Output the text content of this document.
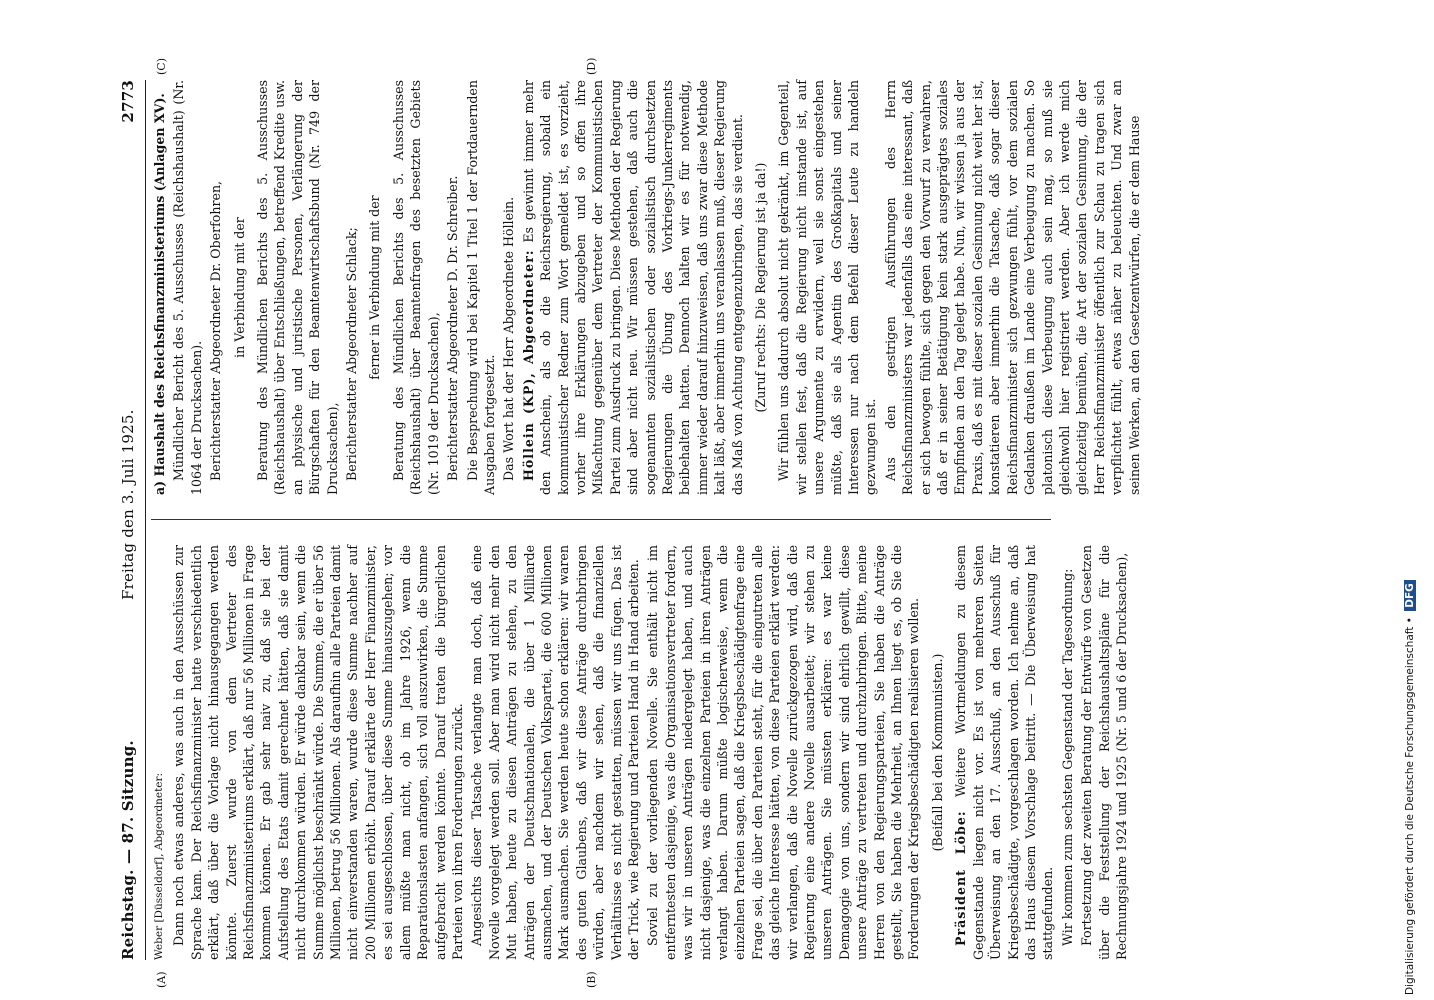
Reichstag. — 87. Sitzung.
Freitag den 3. Juli 1925.
2773
(A)	(B)
(C)	(D)

Weber [Düsseldorf], Abgeordneter: Dann noch etwas anderes, was auch in den Ausschüssen zur Sprache kam. Der Reichsfinanzminister hatte verschiedentlich erklärt, daß über die Vorlage nicht hinausgegangen werden könnte. Zuerst wurde von dem Vertreter des Reichsfinanzministeriums erklärt, daß nur 56 Millionen in Frage kommen können. Er gab sehr naiv zu, daß sie bei der Aufstellung des Etats damit gerechnet hätten, daß sie damit nicht durchkommen würden. Er würde dankbar sein, wenn die Summe möglichst beschränkt würde. Die Summe, die er über 56 Millionen, betrug 56 Millionen. Als daraufhin alle Parteien damit nicht einverstanden waren, wurde diese Summe nachher auf 200 Millionen erhöht. Darauf erklärte der Herr Finanzminister, es sei ausgeschlossen, über diese Summe hinauszugehen; vor allem müßte man nicht, ob im Jahre 1926, wenn die Reparationslasten anfangen, sich voll auszuwirken, die Summe aufgebracht werden könnte. Darauf traten die bürgerlichen Parteien von ihren Forderungen zurück. Angesichts dieser Tatsache verlangte man doch, daß eine Novelle vorgelegt werden soll. Aber man wird nicht mehr den Mut haben, heute zu diesen Anträgen zu stehen, zu den Anträgen der Deutschnationalen, die über 1 Milliarde ausmachen, und der Deutschen Volkspartei, die 600 Millionen Mark ausmachen. Sie werden heute schon erklären: wir waren des guten Glaubens, daß wir diese Anträge durchbringen würden, aber nachdem wir sehen, daß die finanziellen Verhältnisse es nicht gestatten, müssen wir uns fügen. Das ist der Trick, wie Regierung und Parteien Hand in Hand arbeiten. Soviel zu der vorliegenden Novelle. Sie enthält nicht im entferntesten dasjenige, was die Organisationsvertreter fordern, was wir in unseren Anträgen niedergelegt haben, und auch nicht dasjenige, was die einzelnen Parteien in ihren Anträgen verlangt haben. Darum müßte logischerweise, wenn die einzelnen Parteien sagen, daß die Kriegsbeschädigtenfrage eine Frage sei, die über den Parteien steht, für die eingutreten alle das gleiche Interesse hätten, von diese Parteien erklärt werden: wir verlangen, daß die Novelle zurückgezogen wird, daß die Regierung eine andere Novelle ausarbeitet; wir stehen zu unseren Anträgen. Sie müssten erklären: es war keine Demagogie von uns, sondern wir sind ehrlich gewillt, diese unsere Anträge zu vertreten und durchzubringen. Bitte, meine Herren von den Regierungsparteien, Sie haben die Anträge gestellt, Sie haben die Mehrheit, an Ihnen liegt es, ob Sie die Forderungen der Kriegsbeschädigten realisieren wollen. (Beifall bei den Kommunisten.)

Präsident Löbe: Weitere Wortmeldungen zu diesem Gegenstande liegen nicht vor. Es ist von mehreren Seiten Überweisung an den 17. Ausschuß, an den Ausschuß für Kriegsbeschädigte, vorgeschlagen worden. Ich nehme an, daß das Haus diesem Vorschlage beitritt. — Die Überweisung hat stattgefunden. Wir kommen zum sechsten Gegenstand der Tagesordnung: Fortsetzung der zweiten Beratung der Entwürfe von Gesetzen über die Feststellung der Reichshaushaltspläne für die Rechnungsjahre 1924 und 1925 (Nr. 5 und 6 der Drucksachen),

a) Haushalt des Reichsfinanzministeriums (Anlagen XV). Mündlicher Bericht des 5. Ausschusses (Reichshaushalt) (Nr. 1064 der Drucksachen). Berichterstatter Abgeordneter Dr. Oberfohren, in Verbindung mit der Beratung des Mündlichen Berichts des 5. Ausschusses (Reichshaushalt) über Entschließungen, betreffend Kredite usw. an physische und juristische Personen, Verlängerung der Bürgschaften für den Beamtenwirtschaftsbund (Nr. 749 der Drucksachen), Berichterstatter Abgeordneter Schlack; ferner in Verbindung mit der Beratung des Mündlichen Berichts des 5. Ausschusses (Reichshaushalt) über Beamtenfragen des besetzten Gebiets (Nr. 1019 der Drucksachen), Berichterstatter Abgeordneter D. Dr. Schreiber. Die Besprechung wird bei Kapitel 1 Titel 1 der Fortdauernden Ausgaben fortgesetzt. Das Wort hat der Herr Abgeordnete Höllein. Höllein (KP), Abgeordneter: Es gewinnt immer mehr den Anschein, als ob die Reichsregierung, sobald ein kommunistischer Redner zum Wort gemeldet ist, es vorzieht, vorher ihre Erklärungen abzugeben und so offen ihre Mißachtung gegenüber dem Vertreter der Kommunistischen Partei zum Ausdruck zu bringen. Diese Methoden der Regierung sind aber nicht neu. Wir müssen gestehen, daß auch die sogenannten sozialistischen oder sozialistisch durchsetzten Regierungen die Übung des Vorkriegs-Junkerregiments beibehalten hatten. Dennoch halten wir es für notwendig, immer wieder darauf hinzuweisen, daß uns zwar diese Methode kalt läßt, aber immerhin uns veranlassen muß, dieser Regierung das Maß von Achtung entgegenzubringen, das sie verdient. (Zuruf rechts: Die Regierung ist ja da!) Wir fühlen uns dadurch absolut nicht gekränkt, im Gegenteil, wir stellen fest, daß die Regierung nicht imstande ist, auf unsere Argumente zu erwidern, weil sie sonst eingestehen müßte, daß sie als Agentin des Großkapitals und seiner Interessen nur nach dem Befehl dieser Leute zu handeln gezwungen ist. Aus den gestrigen Ausführungen des Herrn Reichsfinanzministers war jedenfalls das eine interessant, daß er sich bewogen fühlte, sich gegen den Vorwurf zu verwahren, daß er in seiner Betätigung kein stark ausgeprägtes soziales Empfinden an den Tag gelegt habe. Nun, wir wissen ja aus der Praxis, daß es mit dieser sozialen Gesinnung nicht weit her ist, konstatieren aber immerhin die Tatsache, daß sogar dieser Reichsfinanzminister sich gezwungen fühlt, vor dem sozialen Gedanken draußen im Lande eine Verbeugung zu machen. So platonisch diese Verbeugung auch sein mag, so muß sie gleichwohl hier registriert werden. Aber ich werde mich gleichzeitig bemühen, die Art der sozialen Gesinnung, die der Herr Reichsfinanzminister öffentlich zur Schau zu tragen sich verpflichtet fühlt, etwas näher zu beleuchten. Und zwar an seinen Werken, an den Gesetzentwürfen, die er dem Hause

Digitalisierung gefördert durch die Deutsche Forschungsgemeinschaft • DFG
